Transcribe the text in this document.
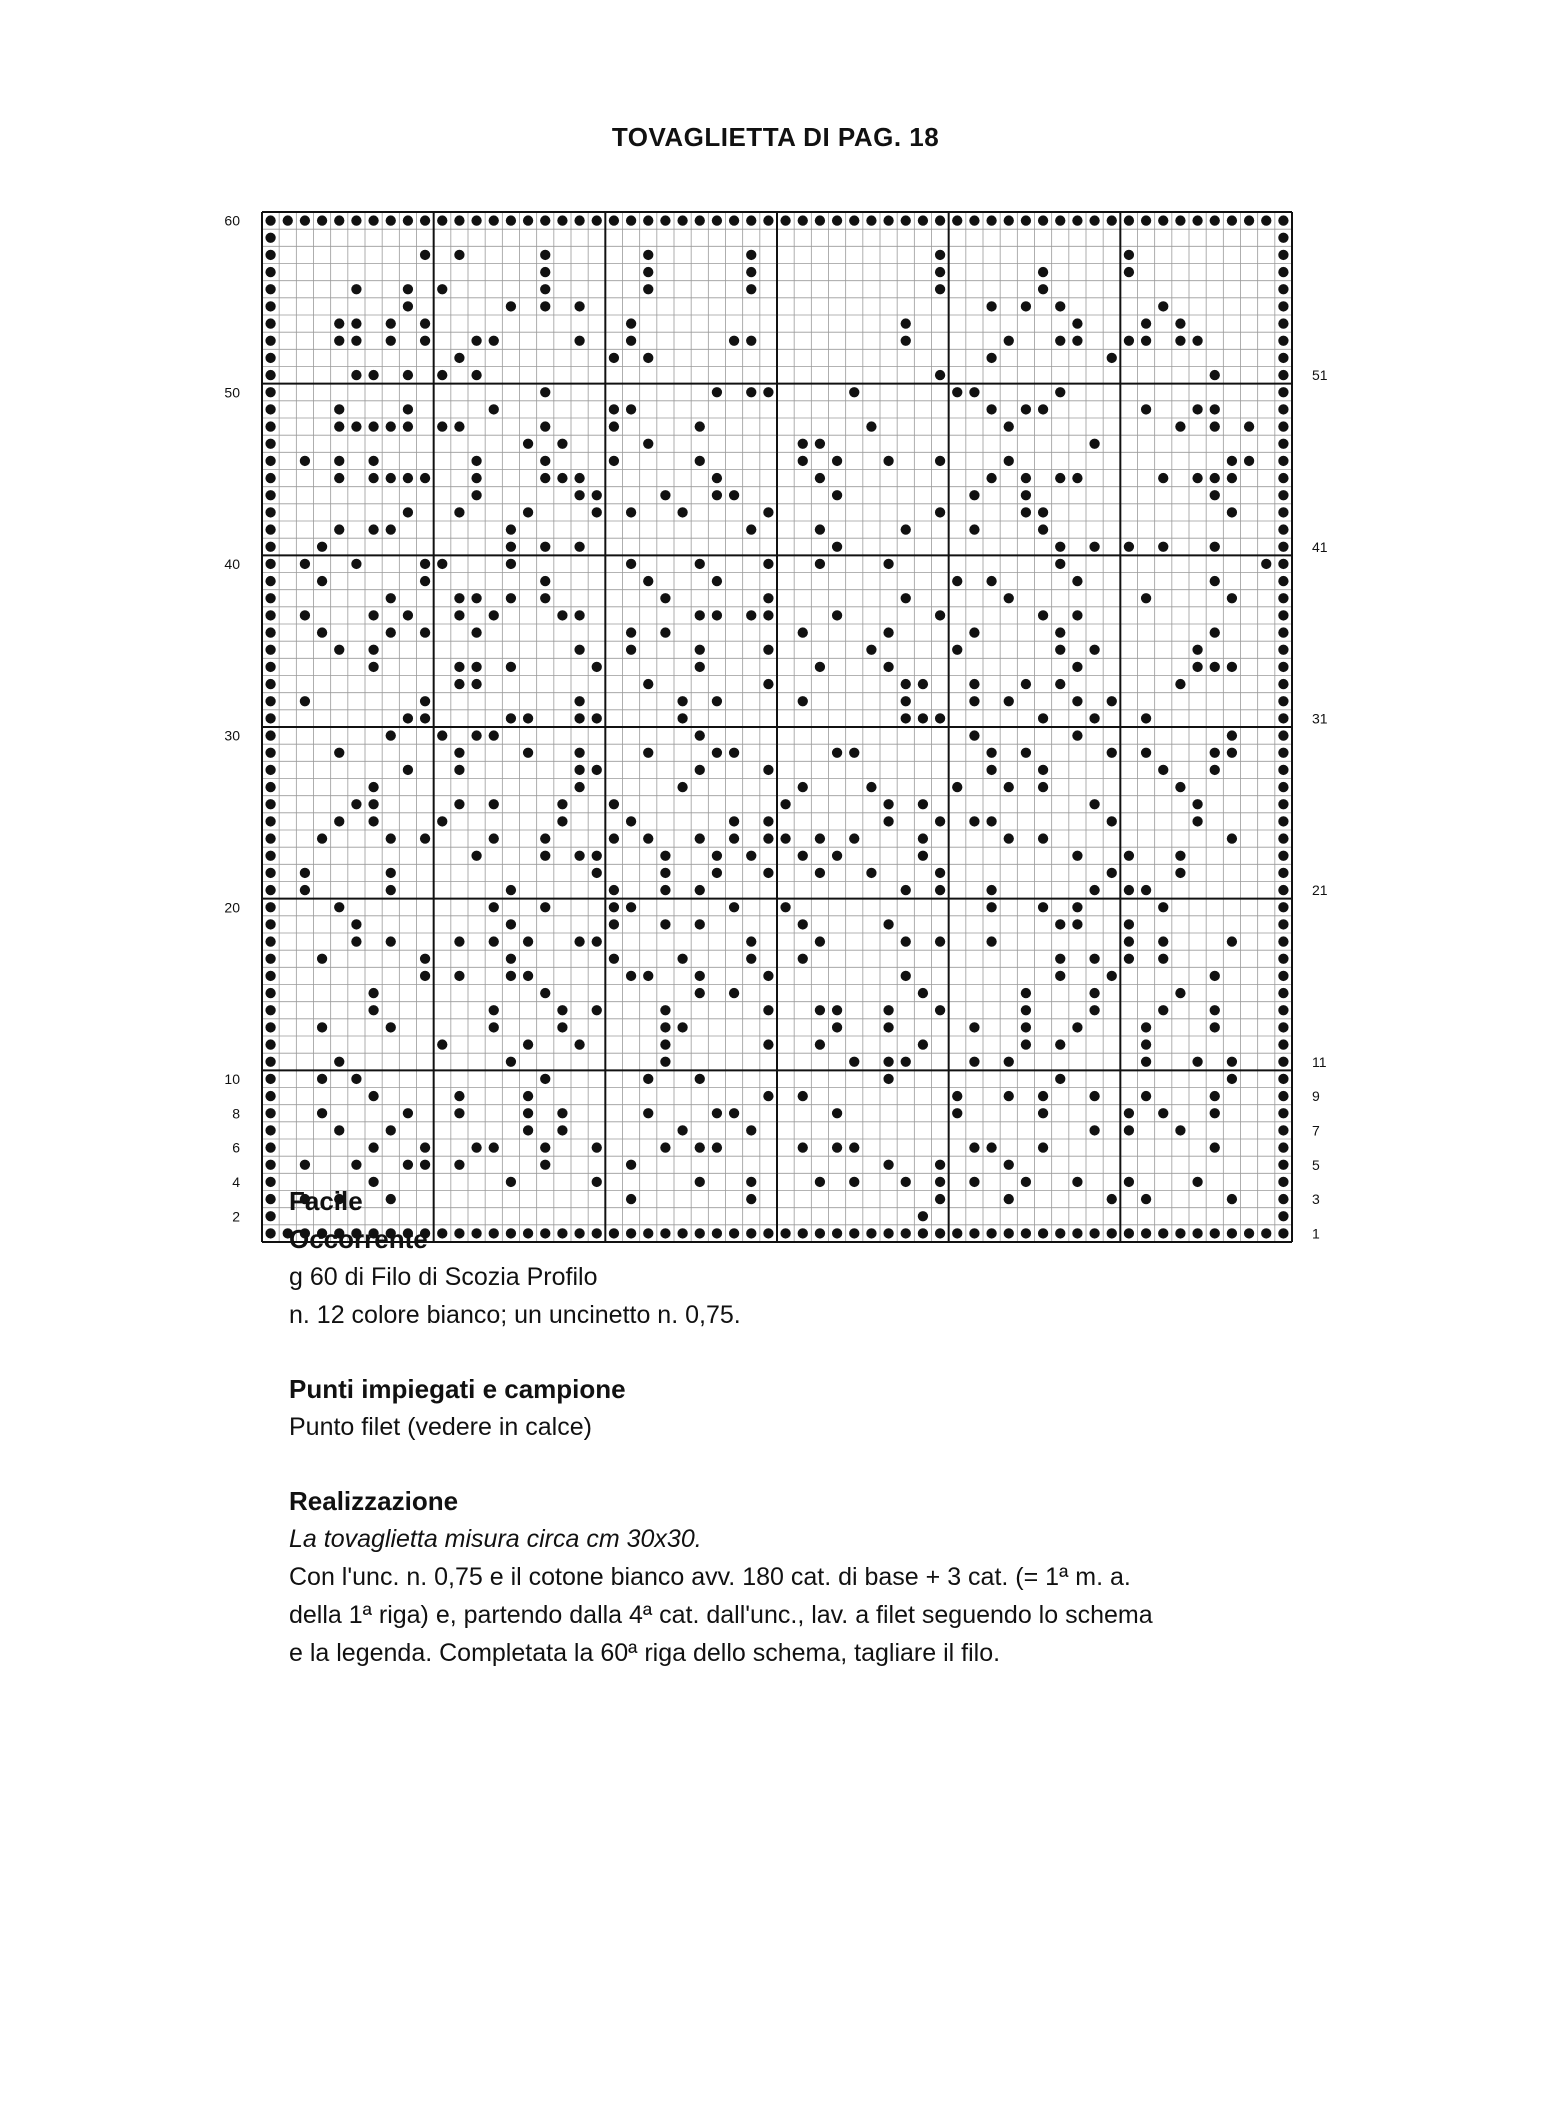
TOVAGLIETTA DI PAG. 18
60
50
40
30
20
10
8
6
4
2
51
41
31
21
11
9
7
5
3
1
Facile
Occorrente
g 60 di Filo di Scozia Profilo
n. 12 colore bianco; un uncinetto n. 0,75.
Punti impiegati e campione
Punto filet (vedere in calce)
Realizzazione
La tovaglietta misura circa cm 30x30.
Con l'unc. n. 0,75 e il cotone bianco avv. 180 cat. di base + 3 cat. (= 1ª m. a.
della 1ª riga) e, partendo dalla 4ª cat. dall'unc., lav. a filet seguendo lo schema
e la legenda. Completata la 60ª riga dello schema, tagliare il filo.
